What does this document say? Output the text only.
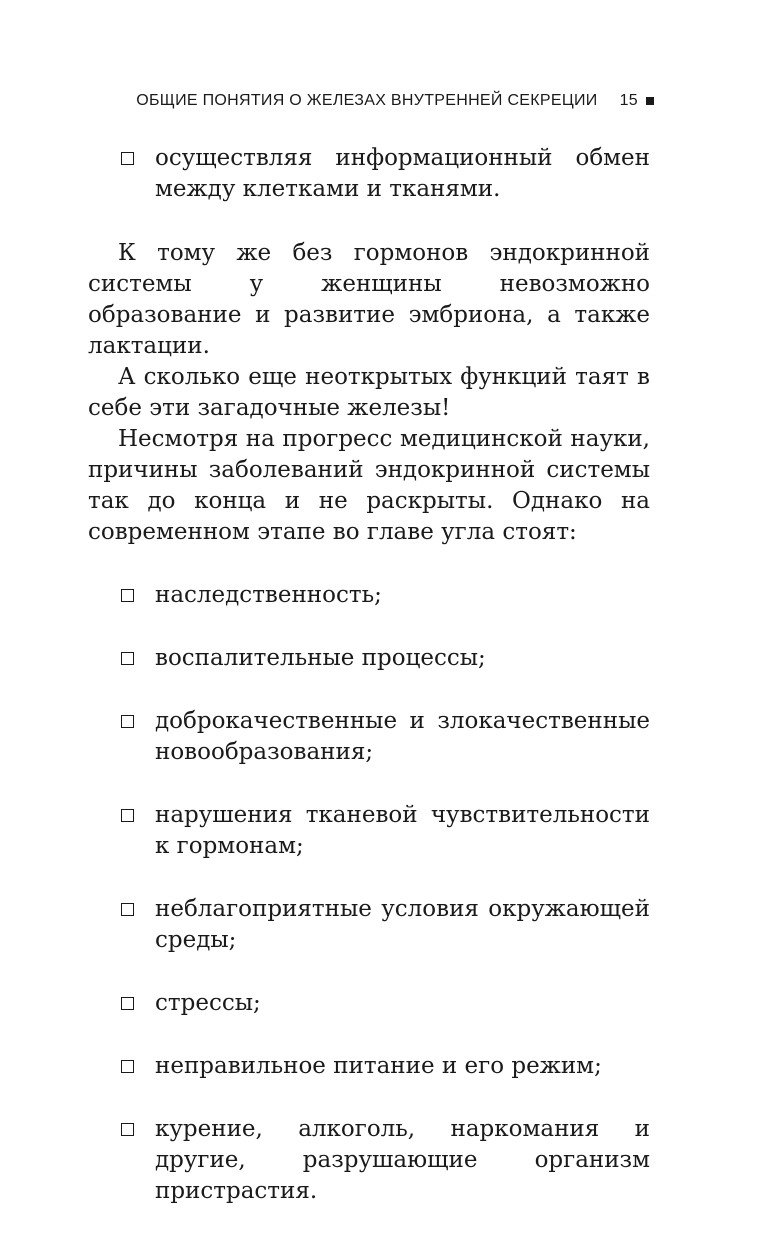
ОБЩИЕ ПОНЯТИЯ О ЖЕЛЕЗАХ ВНУТРЕННЕЙ СЕКРЕЦИИ 15

осуществляя информационный обмен между клетками и тканями.

К тому же без гормонов эндокринной системы у женщины невозможно образование и развитие эмбриона, а также лактации.

А сколько еще неоткрытых функций таят в себе эти загадочные железы!

Несмотря на прогресс медицинской науки, причины заболеваний эндокринной системы так до конца и не раскрыты. Однако на современном этапе во главе угла стоят:

наследственность;

воспалительные процессы;

доброкачественные и злокачественные новообразования;

нарушения тканевой чувствительности к гормонам;

неблагоприятные условия окружающей среды;

стрессы;

неправильное питание и его режим;

курение, алкоголь, наркомания и другие, разрушающие организм пристрастия.
